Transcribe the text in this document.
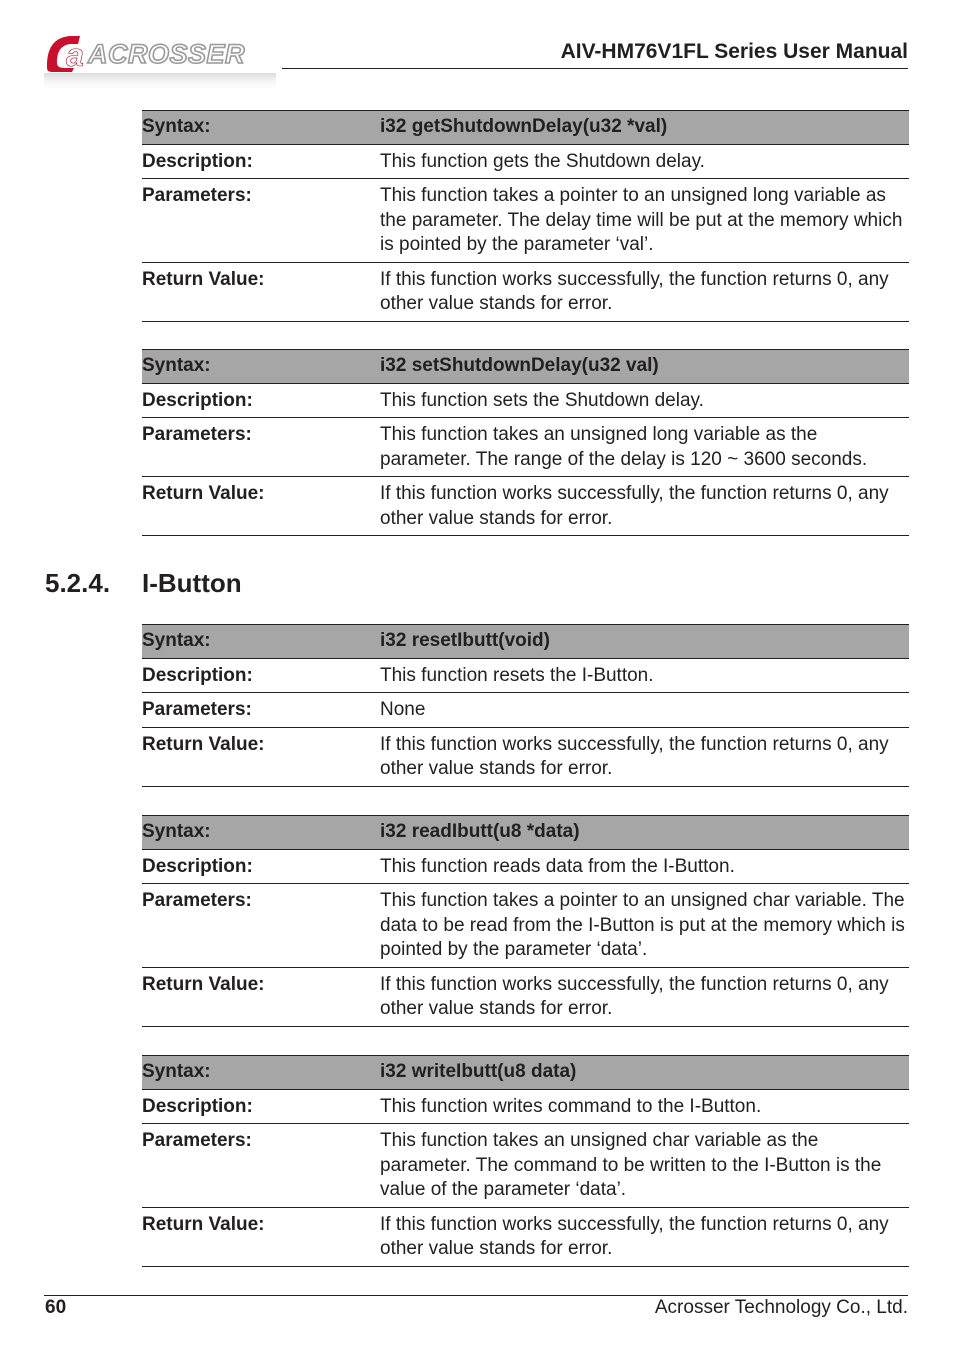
a ACROSSER	AIV-HM76V1FL Series User Manual
Syntax:	i32 getShutdownDelay(u32 *val)
Description:	This function gets the Shutdown delay.
Parameters:	This function takes a pointer to an unsigned long variable as the parameter. The delay time will be put at the memory which is pointed by the parameter ‘val’.
Return Value:	If this function works successfully, the function returns 0, any other value stands for error.
Syntax:	i32 setShutdownDelay(u32 val)
Description:	This function sets the Shutdown delay.
Parameters:	This function takes an unsigned long variable as the parameter. The range of the delay is 120 ~ 3600 seconds.
Return Value:	If this function works successfully, the function returns 0, any other value stands for error.
5.2.4. I-Button
Syntax:	i32 resetIbutt(void)
Description:	This function resets the I-Button.
Parameters:	None
Return Value:	If this function works successfully, the function returns 0, any other value stands for error.
Syntax:	i32 readIbutt(u8 *data)
Description:	This function reads data from the I-Button.
Parameters:	This function takes a pointer to an unsigned char variable. The data to be read from the I-Button is put at the memory which is pointed by the parameter ‘data’.
Return Value:	If this function works successfully, the function returns 0, any other value stands for error.
Syntax:	i32 writeIbutt(u8 data)
Description:	This function writes command to the I-Button.
Parameters:	This function takes an unsigned char variable as the parameter. The command to be written to the I-Button is the value of the parameter ‘data’.
Return Value:	If this function works successfully, the function returns 0, any other value stands for error.
60	Acrosser Technology Co., Ltd.
